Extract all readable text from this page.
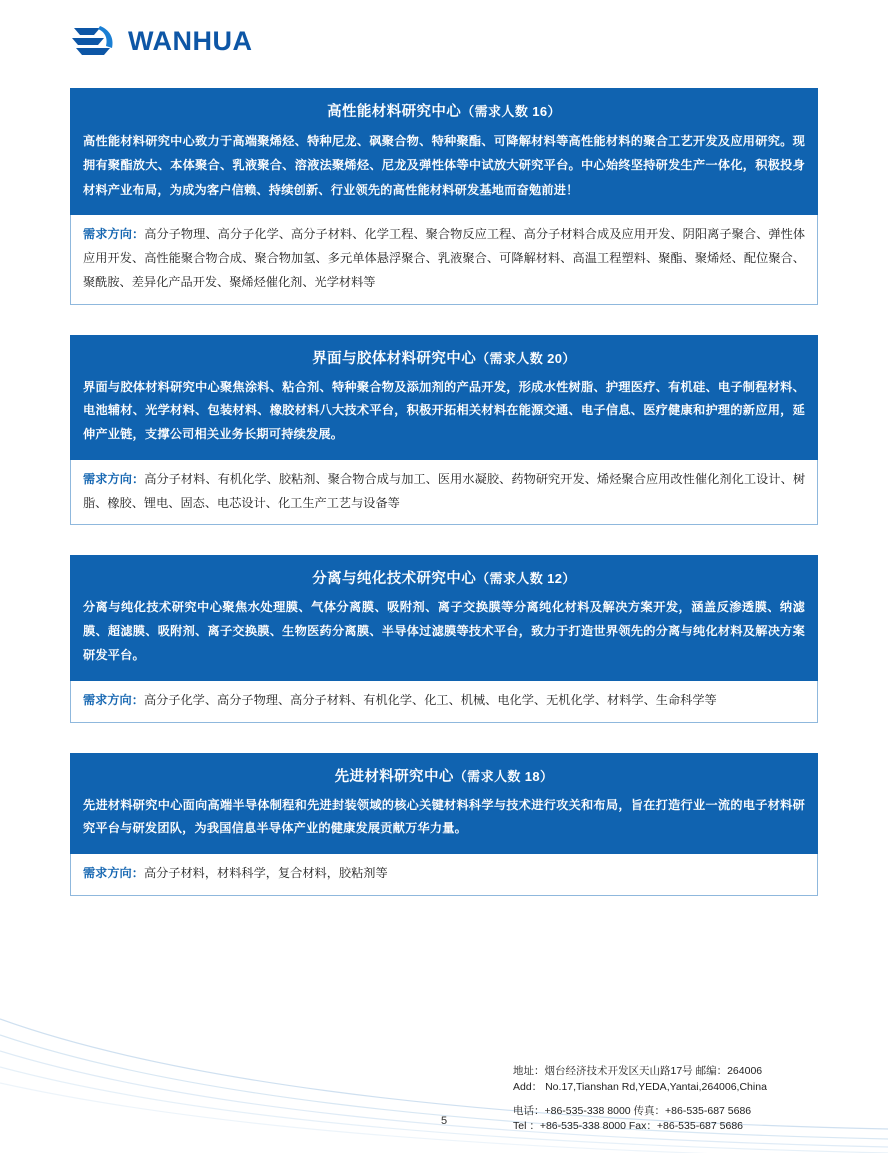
WANHUA
高性能材料研究中心（需求人数 16）
高性能材料研究中心致力于高端聚烯烃、特种尼龙、砜聚合物、特种聚酯、可降解材料等高性能材料的聚合工艺开发及应用研究。现拥有聚酯放大、本体聚合、乳液聚合、溶液法聚烯烃、尼龙及弹性体等中试放大研究平台。中心始终坚持研发生产一体化，积极投身材料产业布局，为成为客户信赖、持续创新、行业领先的高性能材料研发基地而奋勉前进！
需求方向：高分子物理、高分子化学、高分子材料、化学工程、聚合物反应工程、高分子材料合成及应用开发、阴阳离子聚合、弹性体应用开发、高性能聚合物合成、聚合物加氢、多元单体悬浮聚合、乳液聚合、可降解材料、高温工程塑料、聚酯、聚烯烃、配位聚合、聚酰胺、差异化产品开发、聚烯烃催化剂、光学材料等
界面与胶体材料研究中心（需求人数 20）
界面与胶体材料研究中心聚焦涂料、粘合剂、特种聚合物及添加剂的产品开发，形成水性树脂、护理医疗、有机硅、电子制程材料、电池辅材、光学材料、包装材料、橡胶材料八大技术平台，积极开拓相关材料在能源交通、电子信息、医疗健康和护理的新应用，延伸产业链，支撑公司相关业务长期可持续发展。
需求方向：高分子材料、有机化学、胶粘剂、聚合物合成与加工、医用水凝胶、药物研究开发、烯烃聚合应用改性催化剂化工设计、树脂、橡胶、锂电、固态、电芯设计、化工生产工艺与设备等
分离与纯化技术研究中心（需求人数 12）
分离与纯化技术研究中心聚焦水处理膜、气体分离膜、吸附剂、离子交换膜等分离纯化材料及解决方案开发，涵盖反渗透膜、纳滤膜、超滤膜、吸附剂、离子交换膜、生物医药分离膜、半导体过滤膜等技术平台，致力于打造世界领先的分离与纯化材料及解决方案研发平台。
需求方向：高分子化学、高分子物理、高分子材料、有机化学、化工、机械、电化学、无机化学、材料学、生命科学等
先进材料研究中心（需求人数 18）
先进材料研究中心面向高端半导体制程和先进封装领域的核心关键材料科学与技术进行攻关和布局，旨在打造行业一流的电子材料研究平台与研发团队，为我国信息半导体产业的健康发展贡献万华力量。
需求方向：高分子材料，材料科学，复合材料，胶粘剂等
地址：烟台经济技术开发区天山路17号 邮编：264006
Add： No.17,Tianshan Rd,YEDA,Yantai,264006,China
电话：+86-535-338 8000 传真：+86-535-687 5686
Tel ：+86-535-338 8000 Fax：+86-535-687 5686
5
